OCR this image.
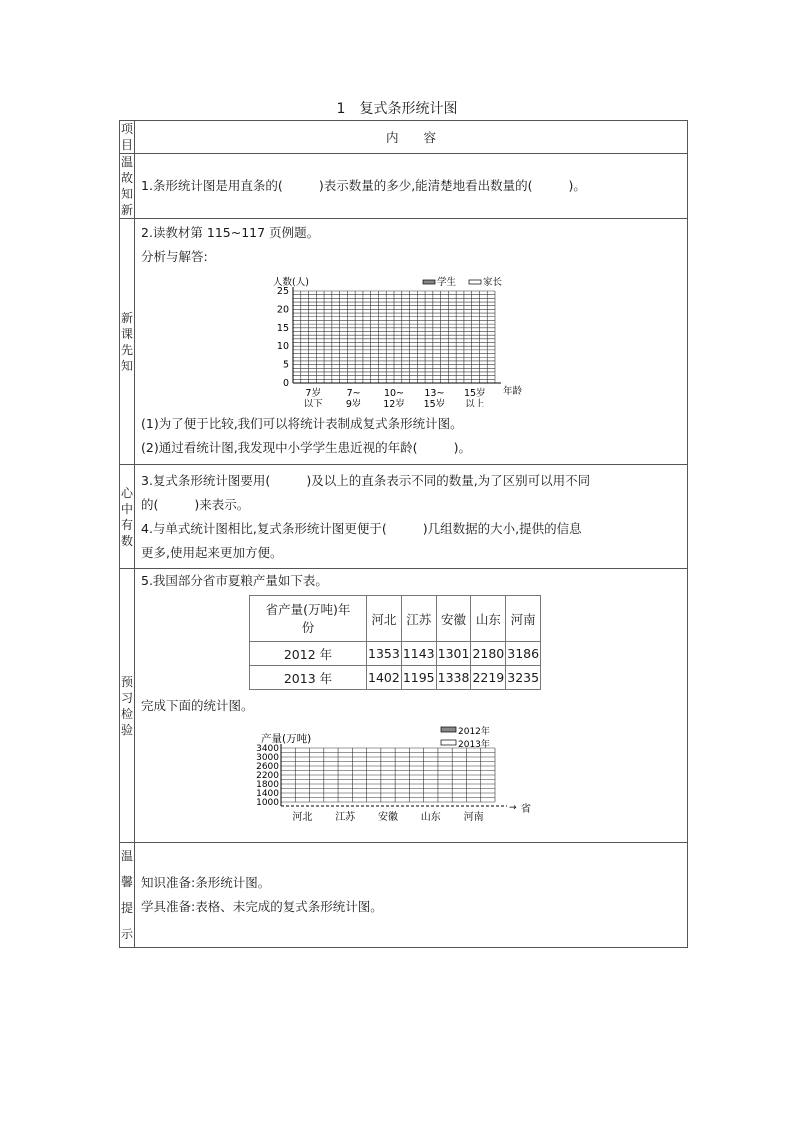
1 复式条形统计图
项目	内　　容
温故知新	
1.条形统计图是用直条的(	)表示数量的多少,能清楚地看出数量的(	)。

新课先知	
2.读教材第 115~117 页例题。
分析与解答:
人数(人)
0
5
10
15
20
25
学生	家长
7岁
以下
7~
9岁
10~
12岁
13~
15岁
15岁
以上
年龄
(1)为了便于比较,我们可以将统计表制成复式条形统计图。
(2)通过看统计图,我发现中小学学生患近视的年龄(	)。

心中有数	
3.复式条形统计图要用(	)及以上的直条表示不同的数量,为了区别可以用不同
的(	)来表示。
4.与单式统计图相比,复式条形统计图更便于(	)几组数据的大小,提供的信息
更多,使用起来更加方便。

预习检验	
5.我国部分省市夏粮产量如下表。
省产量(万吨)年
份
	河北	江苏	安徽	山东	河南
2012 年	1353	1143	1301	2180	3186
2013 年	1402	1195	1338	2219	3235
完成下面的统计图。
产量(万吨)
2012年
2013年
→
1000
1400
1800
2200
2600
3000
3400
河北 江苏 安徽 山东 河南
省

温馨
提示

知识准备:条形统计图。
学具准备:表格、未完成的复式条形统计图。
